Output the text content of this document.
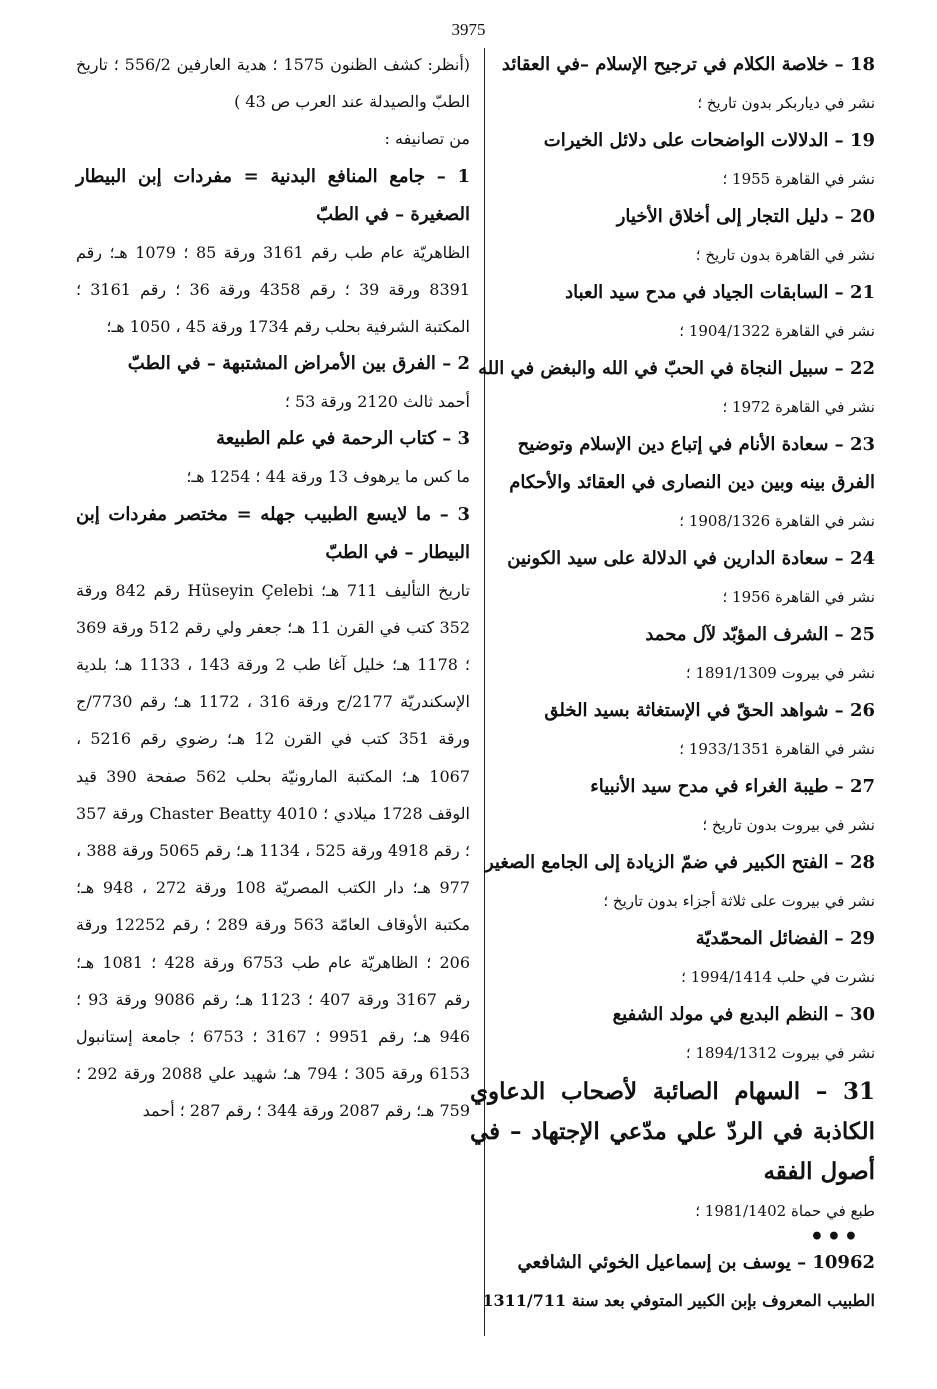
3975
18 – خلاصة الكلام في ترجيح الإسلام –في العقائد
نشر في دياربكر بدون تاريخ ؛
19 – الدلالات الواضحات على دلائل الخيرات
نشر في القاهرة 1955 ؛
20 – دليل التجار إلى أخلاق الأخيار
نشر في القاهرة بدون تاريخ ؛
21 – السابقات الجياد في مدح سيد العباد
نشر في القاهرة 1904/1322 ؛
22 – سبيل النجاة في الحبّ في الله والبغض في الله
نشر في القاهرة 1972 ؛
23 – سعادة الأنام في إتباع دين الإسلام وتوضيح
الفرق بينه وبين دين النصارى في العقائد والأحكام
نشر في القاهرة 1908/1326 ؛
24 – سعادة الدارين في الدلالة على سيد الكونين
نشر في القاهرة 1956 ؛
25 – الشرف المؤبّد لآل محمد
نشر في بيروت 1891/1309 ؛
26 – شواهد الحقّ في الإستغاثة بسيد الخلق
نشر في القاهرة 1933/1351 ؛
27 – طيبة الغراء في مدح سيد الأنبياء
نشر في بيروت بدون تاريخ ؛
28 – الفتح الكبير في ضمّ الزيادة إلى الجامع الصغير
نشر في بيروت على ثلاثة أجزاء بدون تاريخ ؛
29 – الفضائل المحمّديّة
نشرت في حلب 1994/1414 ؛
30 – النظم البديع في مولد الشفيع
نشر في بيروت 1894/1312 ؛
31 – السهام الصائبة لأصحاب الدعاوي الكاذبة في الردّ علي مدّعي الإجتهاد – في أصول الفقه
طبع في حماة 1981/1402 ؛
•••
10962 – يوسف بن إسماعيل الخوئي الشافعي
الطبيب المعروف بإبن الكبير المتوفي بعد سنة 1311/711
(أنظر: كشف الظنون 1575 ؛ هدية العارفين 556/2 ؛ تاريخ الطبّ والصيدلة عند العرب ص 43 )
من تصانيفه :
1 – جامع المنافع البدنية = مفردات إبن البيطار الصغيرة – في الطبّ
الظاهريّة عام طب رقم 3161 ورقة 85 ؛ 1079 هـ؛ رقم 8391 ورقة 39 ؛ رقم 4358 ورقة 36 ؛ رقم 3161 ؛ المكتبة الشرفية بحلب رقم 1734 ورقة 45 ، 1050 هـ؛
2 – الفرق بين الأمراض المشتبهة – في الطبّ
أحمد ثالث 2120 ورقة 53 ؛
3 – كتاب الرحمة في علم الطبيعة
ما كس ما يرهوف 13 ورقة 44 ؛ 1254 هـ؛
3 – ما لايسع الطبيب جهله = مختصر مفردات إبن البيطار – في الطبّ
تاريخ التأليف 711 هـ؛ Hüseyin Çelebi رقم 842 ورقة 352 كتب في القرن 11 هـ؛ جعفر ولي رقم 512 ورقة 369 ؛ 1178 هـ؛ خليل آغا طب 2 ورقة 143 ، 1133 هـ؛ بلدية الإسكندريّة 2177/ج ورقة 316 ، 1172 هـ؛ رقم 7730/ج ورقة 351 كتب في القرن 12 هـ؛ رضوي رقم 5216 ، 1067 هـ؛ المكتبة المارونيّة بحلب 562 صفحة 390 قيد الوقف 1728 ميلادي ؛ Chaster Beatty 4010 ورقة 357 ؛ رقم 4918 ورقة 525 ، 1134 هـ؛ رقم 5065 ورقة 388 ، 977 هـ؛ دار الكتب المصريّة 108 ورقة 272 ، 948 هـ؛ مكتبة الأوقاف العامّة 563 ورقة 289 ؛ رقم 12252 ورقة 206 ؛ الظاهريّة عام طب 6753 ورقة 428 ؛ 1081 هـ؛ رقم 3167 ورقة 407 ؛ 1123 هـ؛ رقم 9086 ورقة 93 ؛ 946 هـ؛ رقم 9951 ؛ 3167 ؛ 6753 ؛ جامعة إستانبول 6153 ورقة 305 ؛ 794 هـ؛ شهيد علي 2088 ورقة 292 ؛ 759 هـ؛ رقم 2087 ورقة 344 ؛ رقم 287 ؛ أحمد
